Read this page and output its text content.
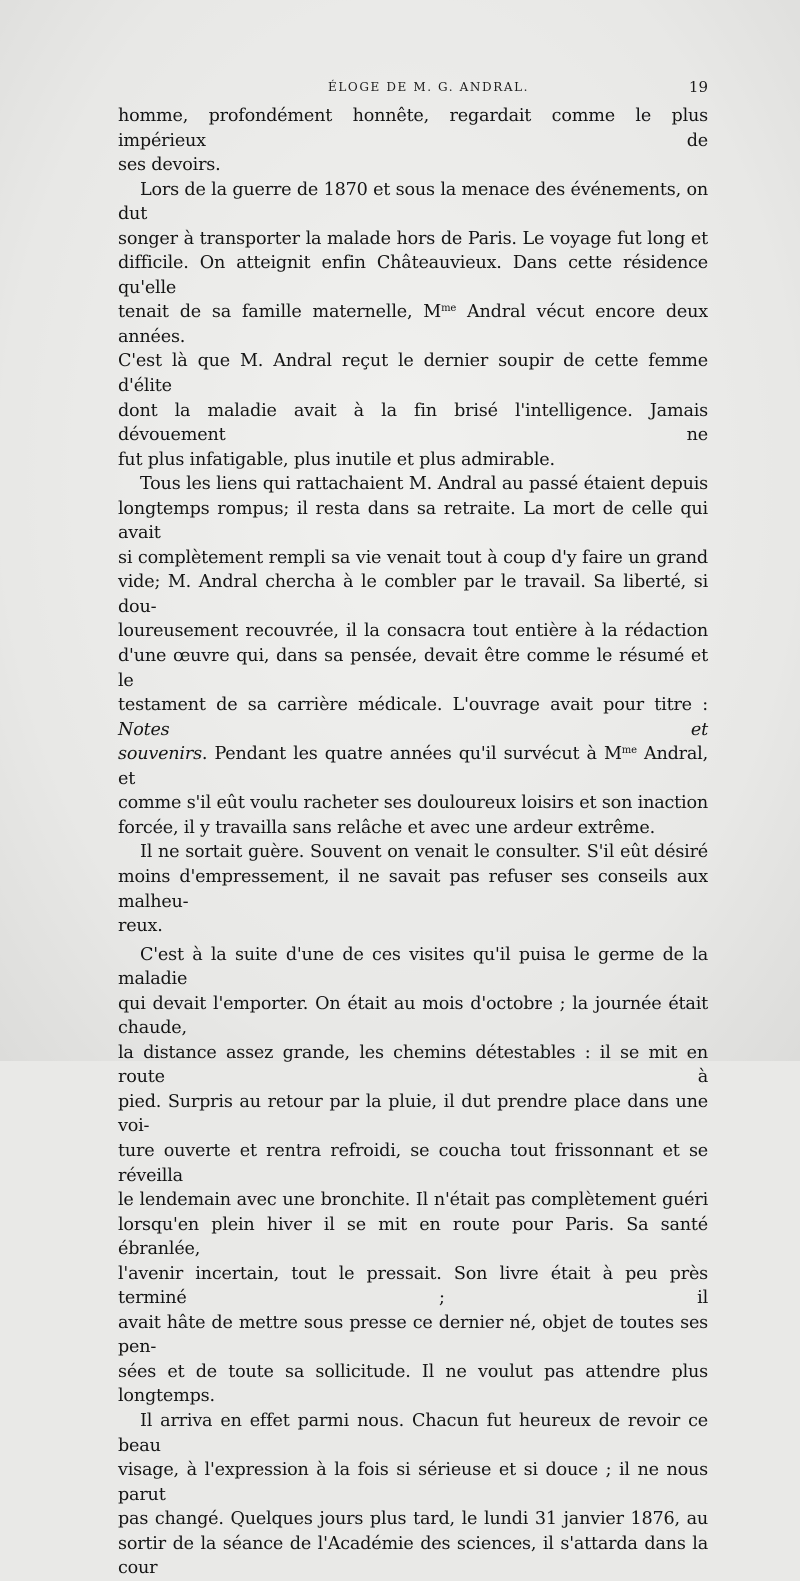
ÉLOGE DE M. G. ANDRAL.	19

homme, profondément honnête, regardait comme le plus impérieux de

ses devoirs.

Lors de la guerre de 1870 et sous la menace des événements, on dut

songer à transporter la malade hors de Paris. Le voyage fut long et

difficile. On atteignit enfin Châteauvieux. Dans cette résidence qu'elle

tenait de sa famille maternelle, $M^{me}$ Andral vécut encore deux années.

C'est là que M. Andral reçut le dernier soupir de cette femme d'élite

dont la maladie avait à la fin brisé l'intelligence. Jamais dévouement ne

fut plus infatigable, plus inutile et plus admirable.

Tous les liens qui rattachaient M. Andral au passé étaient depuis

longtemps rompus; il resta dans sa retraite. La mort de celle qui avait

si complètement rempli sa vie venait tout à coup d'y faire un grand

vide; M. Andral chercha à le combler par le travail. Sa liberté, si dou-

loureusement recouvrée, il la consacra tout entière à la rédaction

d'une œuvre qui, dans sa pensée, devait être comme le résumé et le

testament de sa carrière médicale. L'ouvrage avait pour titre : Notes et

souvenirs. Pendant les quatre années qu'il survécut à $M^{me}$ Andral, et

comme s'il eût voulu racheter ses douloureux loisirs et son inaction

forcée, il y travailla sans relâche et avec une ardeur extrême.

Il ne sortait guère. Souvent on venait le consulter. S'il eût désiré

moins d'empressement, il ne savait pas refuser ses conseils aux malheu-

reux.

C'est à la suite d'une de ces visites qu'il puisa le germe de la maladie

qui devait l'emporter. On était au mois d'octobre ; la journée était chaude,

la distance assez grande, les chemins détestables : il se mit en route à

pied. Surpris au retour par la pluie, il dut prendre place dans une voi-

ture ouverte et rentra refroidi, se coucha tout frissonnant et se réveilla

le lendemain avec une bronchite. Il n'était pas complètement guéri

lorsqu'en plein hiver il se mit en route pour Paris. Sa santé ébranlée,

l'avenir incertain, tout le pressait. Son livre était à peu près terminé ; il

avait hâte de mettre sous presse ce dernier né, objet de toutes ses pen-

sées et de toute sa sollicitude. Il ne voulut pas attendre plus longtemps.

Il arriva en effet parmi nous. Chacun fut heureux de revoir ce beau

visage, à l'expression à la fois si sérieuse et si douce ; il ne nous parut

pas changé. Quelques jours plus tard, le lundi 31 janvier 1876, au

sortir de la séance de l'Académie des sciences, il s'attarda dans la cour
